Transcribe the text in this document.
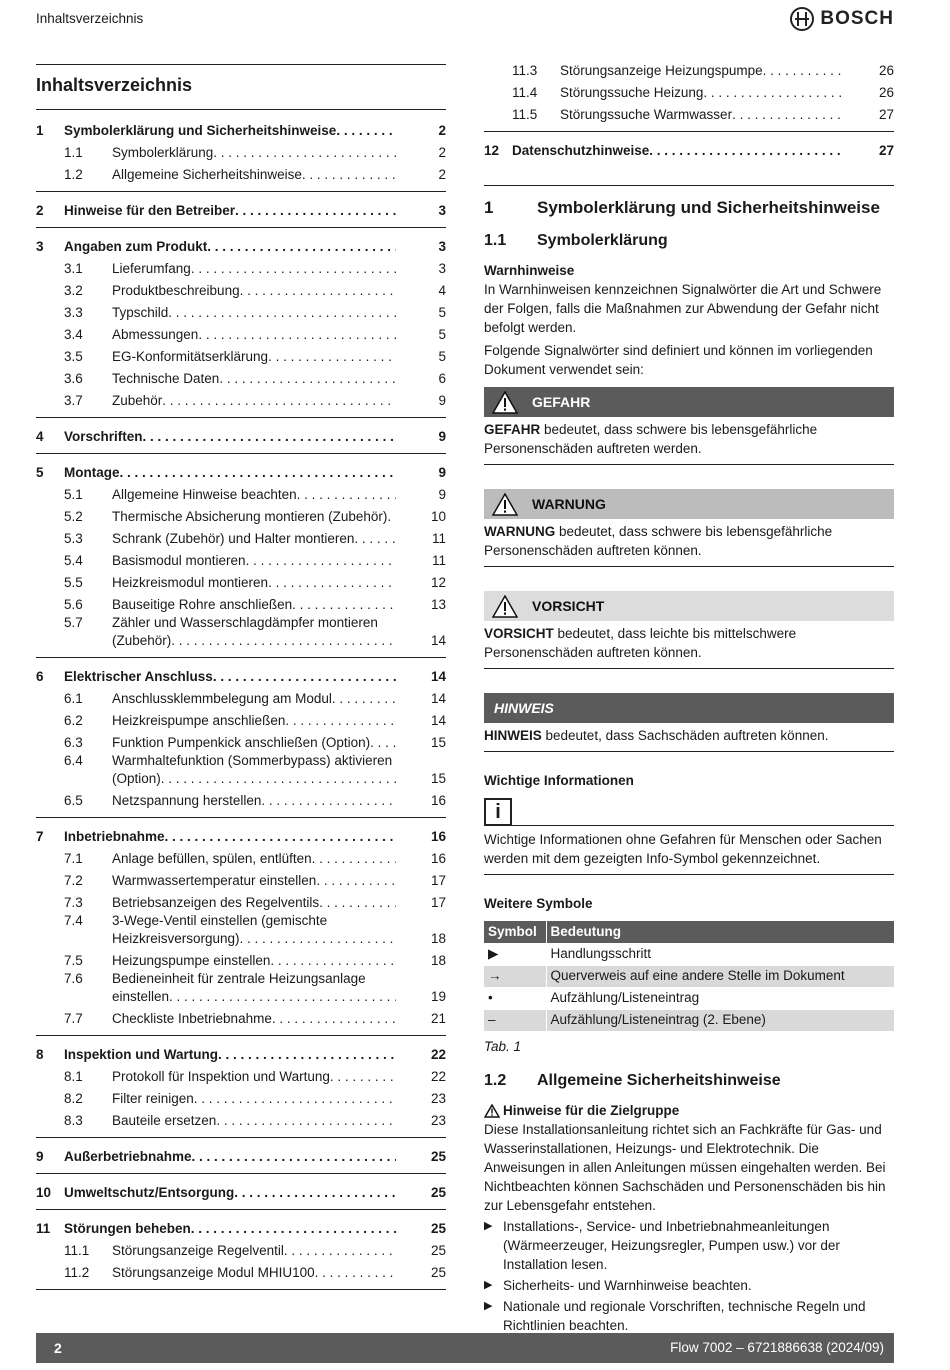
Inhaltsverzeichnis	BOSCH
Inhaltsverzeichnis
1	Symbolerklärung und Sicherheitshinweise . . .	2
1.1	Symbolerklärung . . .	2
1.2	Allgemeine Sicherheitshinweise . . .	2
2	Hinweise für den Betreiber . . .	3
3	Angaben zum Produkt . . .	3
3.1	Lieferumfang . . .	3
3.2	Produktbeschreibung . . .	4
3.3	Typschild . . .	5
3.4	Abmessungen . . .	5
3.5	EG-Konformitätserklärung . . .	5
3.6	Technische Daten . . .	6
3.7	Zubehör . . .	9
4	Vorschriften . . .	9
5	Montage . . .	9
5.1	Allgemeine Hinweise beachten . . .	9
5.2	Thermische Absicherung montieren (Zubehör) . . .	10
5.3	Schrank (Zubehör) und Halter montieren . . .	11
5.4	Basismodul montieren . . .	11
5.5	Heizkreismodul montieren . . .	12
5.6	Bauseitige Rohre anschließen . . .	13
5.7	Zähler und Wasserschlagdämpfer montieren
(Zubehör) . . .	14
6	Elektrischer Anschluss . . .	14
6.1	Anschlussklemmbelegung am Modul . . .	14
6.2	Heizkreispumpe anschließen . . .	14
6.3	Funktion Pumpenkick anschließen (Option) . . .	15
6.4	Warmhaltefunktion (Sommerbypass) aktivieren
(Option) . . .	15
6.5	Netzspannung herstellen . . .	16
7	Inbetriebnahme . . .	16
7.1	Anlage befüllen, spülen, entlüften . . .	16
7.2	Warmwassertemperatur einstellen . . .	17
7.3	Betriebsanzeigen des Regelventils . . .	17
7.4	3-Wege-Ventil einstellen (gemischte
Heizkreisversorgung) . . .	18
7.5	Heizungspumpe einstellen . . .	18
7.6	Bedieneinheit für zentrale Heizungsanlage
einstellen . . .	19
7.7	Checkliste Inbetriebnahme . . .	21
8	Inspektion und Wartung . . .	22
8.1	Protokoll für Inspektion und Wartung . . .	22
8.2	Filter reinigen . . .	23
8.3	Bauteile ersetzen . . .	23
9	Außerbetriebnahme . . .	25
10 Umweltschutz/Entsorgung . . .	25
11	Störungen beheben . . .	25
11.1	Störungsanzeige Regelventil . . .	25
11.2	Störungsanzeige Modul MHIU100 . . .	25
11.3	Störungsanzeige Heizungspumpe . . .	26
11.4	Störungssuche Heizung . . .	26
11.5	Störungssuche Warmwasser . . .	27
12 Datenschutzhinweise . . .	27
1	Symbolerklärung und Sicherheitshinweise
1.1	Symbolerklärung
Warnhinweise

In Warnhinweisen kennzeichnen Signalwörter die Art und Schwere der Folgen, falls die Maßnahmen zur Abwendung der Gefahr nicht befolgt werden.

Folgende Signalwörter sind definiert und können im vorliegenden Dokument verwendet sein:

GEFAHR
GEFAHR bedeutet, dass schwere bis lebensgefährliche Personenschäden auftreten werden.
WARNUNG
WARNUNG bedeutet, dass schwere bis lebensgefährliche Personenschäden auftreten können.
VORSICHT
VORSICHT bedeutet, dass leichte bis mittelschwere Personenschäden auftreten können.
HINWEIS
HINWEIS bedeutet, dass Sachschäden auftreten können.
Wichtige Informationen
i
Wichtige Informationen ohne Gefahren für Menschen oder Sachen werden mit dem gezeigten Info-Symbol gekennzeichnet.
Weitere Symbole
Symbol	Bedeutung
▶	Handlungsschritt
→	Querverweis auf eine andere Stelle im Dokument
•	Aufzählung/Listeneintrag
–	Aufzählung/Listeneintrag (2. Ebene)
Tab. 1
1.2	Allgemeine Sicherheitshinweise
Hinweise für die Zielgruppe

Diese Installationsanleitung richtet sich an Fachkräfte für Gas- und Wasserinstallationen, Heizungs- und Elektrotechnik. Die Anweisungen in allen Anleitungen müssen eingehalten werden. Bei Nichtbeachten können Sachschäden und Personenschäden bis hin zur Lebensgefahr entstehen.

▶ Installations-, Service- und Inbetriebnahmeanleitungen (Wärmeerzeuger, Heizungsregler, Pumpen usw.) vor der Installation lesen.
▶ Sicherheits- und Warnhinweise beachten.
▶ Nationale und regionale Vorschriften, technische Regeln und Richtlinien beachten.
2	Flow 7002 – 6721886638 (2024/09)
